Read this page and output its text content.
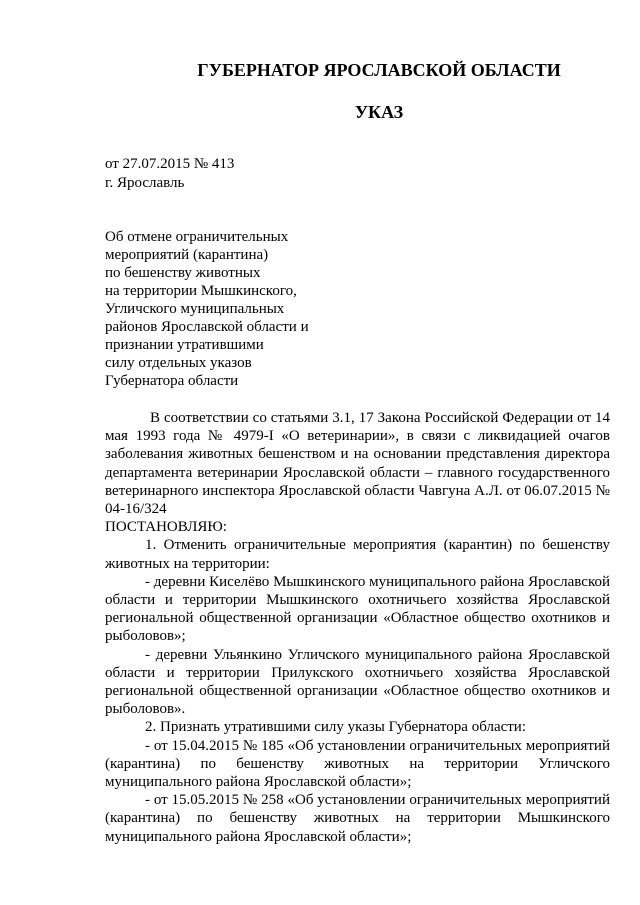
ГУБЕРНАТОР ЯРОСЛАВСКОЙ ОБЛАСТИ
УКАЗ
от 27.07.2015 № 413
г. Ярославль
Об отмене ограничительных
мероприятий (карантина)
по бешенству животных
на территории Мышкинского,
Угличского муниципальных
районов Ярославской области и
признании утратившими
силу отдельных указов
Губернатора области

В соответствии со статьями 3.1, 17 Закона Российской Федерации от 14 мая 1993 года № 4979-I «О ветеринарии», в связи с ликвидацией очагов заболевания животных бешенством и на основании представления директора департамента ветеринарии Ярославской области – главного государственного ветеринарного инспектора Ярославской области Чавгуна А.Л. от 06.07.2015 № 04-16/324

ПОСТАНОВЛЯЮ:

1. Отменить ограничительные мероприятия (карантин) по бешенству животных на территории:

- деревни Киселёво Мышкинского муниципального района Ярославской области и территории Мышкинского охотничьего хозяйства Ярославской региональной общественной организации «Областное общество охотников и рыболовов»;

- деревни Ульянкино Угличского муниципального района Ярославской области и территории Прилукского охотничьего хозяйства Ярославской региональной общественной организации «Областное общество охотников и рыболовов».

2. Признать утратившими силу указы Губернатора области:

- от 15.04.2015 № 185 «Об установлении ограничительных мероприятий (карантина) по бешенству животных на территории Угличского муниципального района Ярославской области»;

- от 15.05.2015 № 258 «Об установлении ограничительных мероприятий (карантина) по бешенству животных на территории Мышкинского муниципального района Ярославской области»;
